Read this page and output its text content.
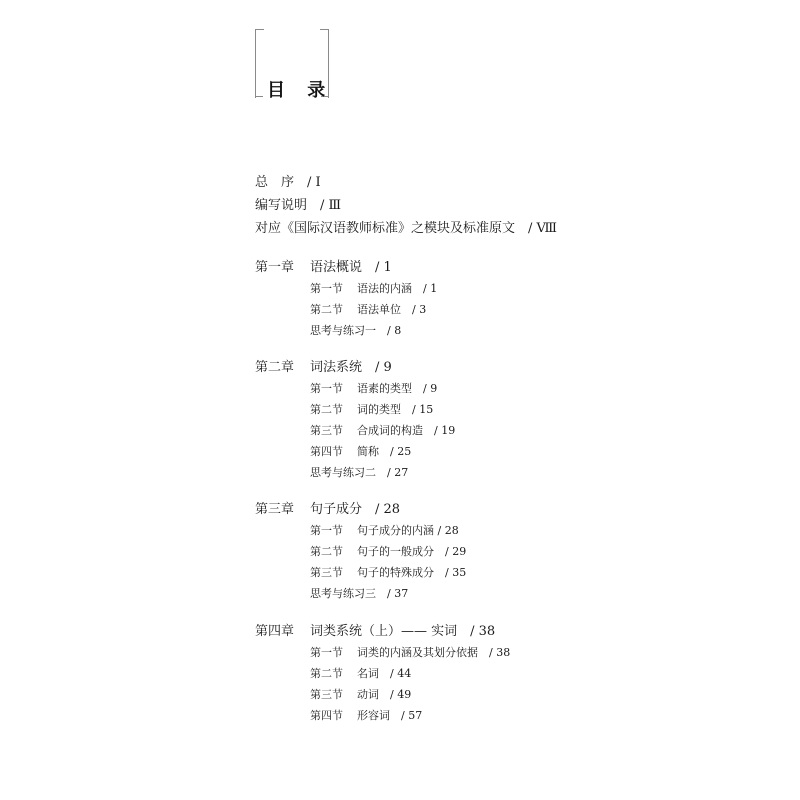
目 录
总　序　/ I
编写说明　/ Ⅲ
对应《国际汉语教师标准》之模块及标准原文　/ Ⅷ
第一章 语法概说　/ 1
第一节 语法的内涵　/ 1
第二节 语法单位　/ 3
思考与练习一　/ 8
第二章 词法系统　/ 9
第一节 语素的类型　/ 9
第二节 词的类型　/ 15
第三节 合成词的构造　/ 19
第四节 简称　/ 25
思考与练习二　/ 27
第三章 句子成分　/ 28
第一节 句子成分的内涵 / 28
第二节 句子的一般成分　/ 29
第三节 句子的特殊成分　/ 35
思考与练习三　/ 37
第四章 词类系统（上）—— 实词　/ 38
第一节 词类的内涵及其划分依据　/ 38
第二节 名词　/ 44
第三节 动词　/ 49
第四节 形容词　/ 57
